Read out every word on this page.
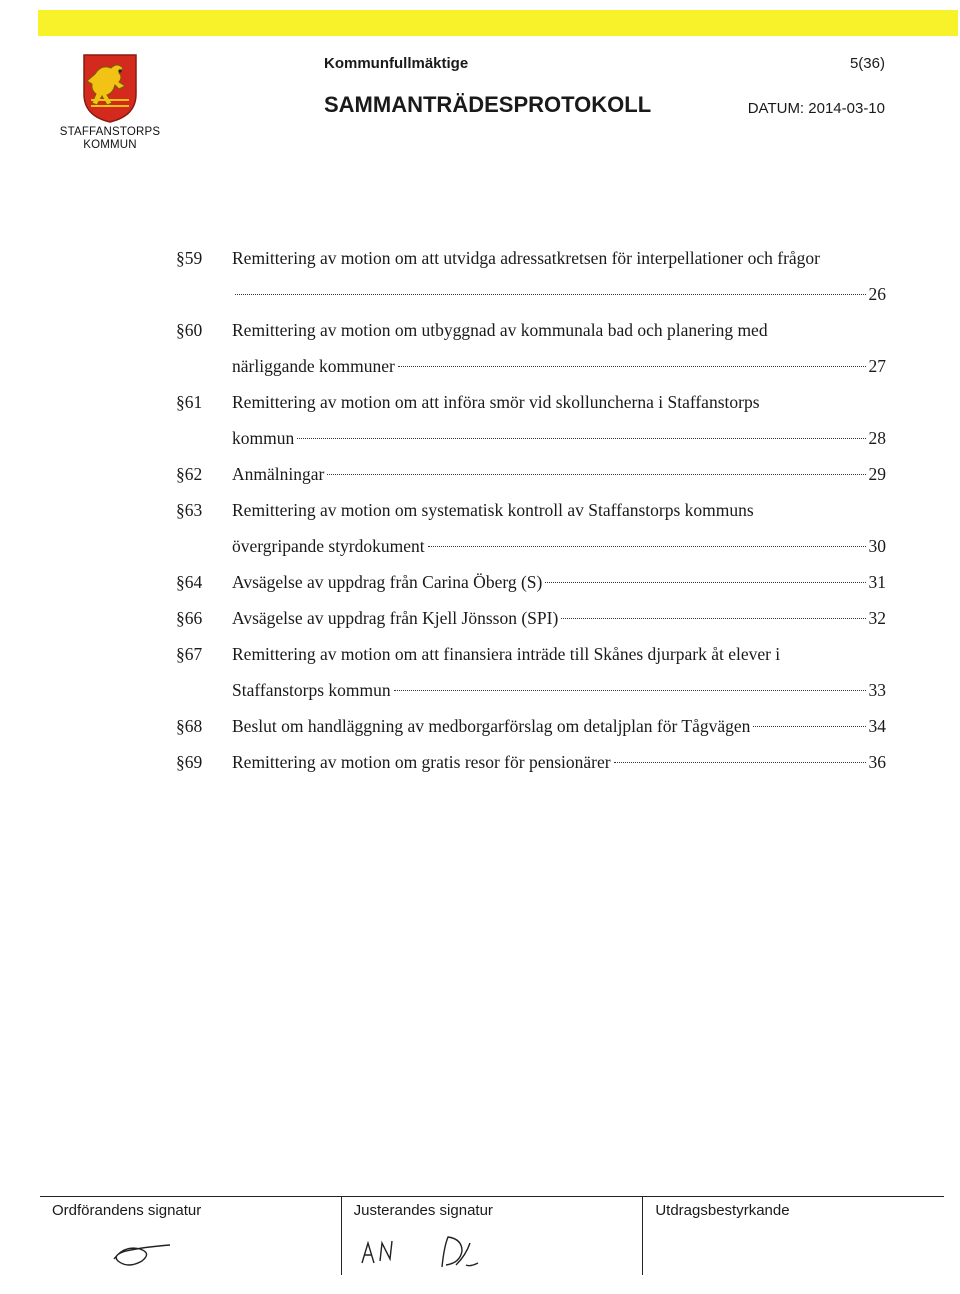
STAFFANSTORPS
KOMMUN
Kommunfullmäktige	5(36)
SAMMANTRÄDESPROTOKOLL	DATUM: 2014-03-10
§59	Remittering av motion om att utvidga adressatkretsen för interpellationer och frågor
26
§60	Remittering av motion om utbyggnad av kommunala bad och planering med
närliggande kommuner	27
§61	Remittering av motion om att införa smör vid skolluncherna i Staffanstorps
kommun	28
§62	Anmälningar	29
§63	Remittering av motion om systematisk kontroll av Staffanstorps kommuns
övergripande styrdokument	30
§64	Avsägelse av uppdrag från Carina Öberg (S)	31
§66	Avsägelse av uppdrag från Kjell Jönsson (SPI)	32
§67	Remittering av motion om att finansiera inträde till Skånes djurpark åt elever i
Staffanstorps kommun	33
§68	Beslut om handläggning av medborgarförslag om detaljplan för Tågvägen	34
§69	Remittering av motion om gratis resor för pensionärer	36
Ordförandens signatur	Justerandes signatur	Utdragsbestyrkande
